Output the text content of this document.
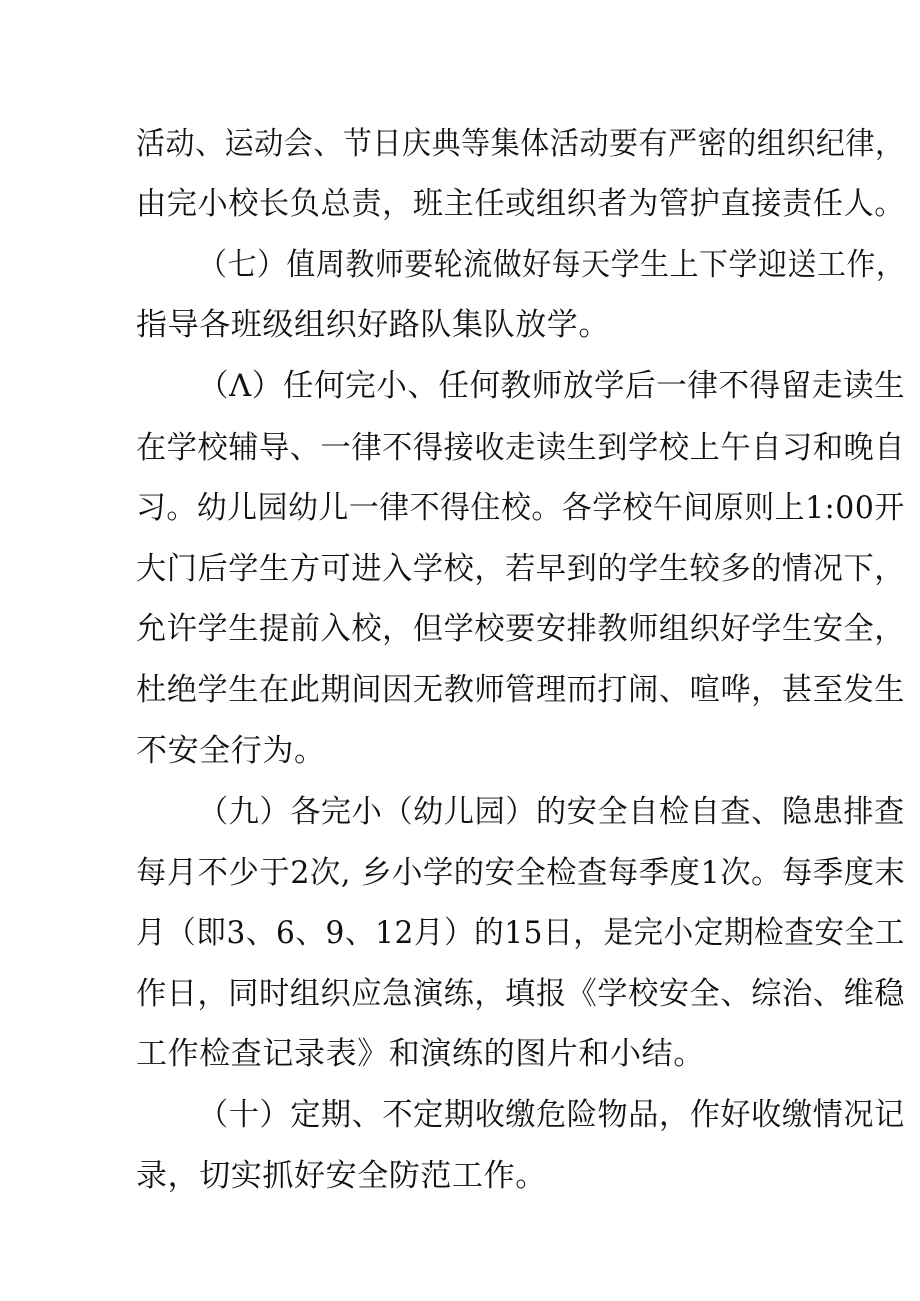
活动、运动会、节日庆典等集体活动要有严密的组织纪律，
由完小校长负总责，班主任或组织者为管护直接责任人。
（七）值周教师要轮流做好每天学生上下学迎送工作，
指导各班级组织好路队集队放学。
（Λ）任何完小、任何教师放学后一律不得留走读生
在学校辅导、一律不得接收走读生到学校上午自习和晚自
习。幼儿园幼儿一律不得住校。各学校午间原则上1:00开
大门后学生方可进入学校，若早到的学生较多的情况下，
允许学生提前入校，但学校要安排教师组织好学生安全，
杜绝学生在此期间因无教师管理而打闹、喧哗，甚至发生
不安全行为。
（九）各完小（幼儿园）的安全自检自查、隐患排查
每月不少于2次, 乡小学的安全检查每季度1次。每季度末
月（即3、6、9、12月）的15日，是完小定期检查安全工
作日，同时组织应急演练，填报《学校安全、综治、维稳
工作检查记录表》和演练的图片和小结。
（十）定期、不定期收缴危险物品，作好收缴情况记
录，切实抓好安全防范工作。
